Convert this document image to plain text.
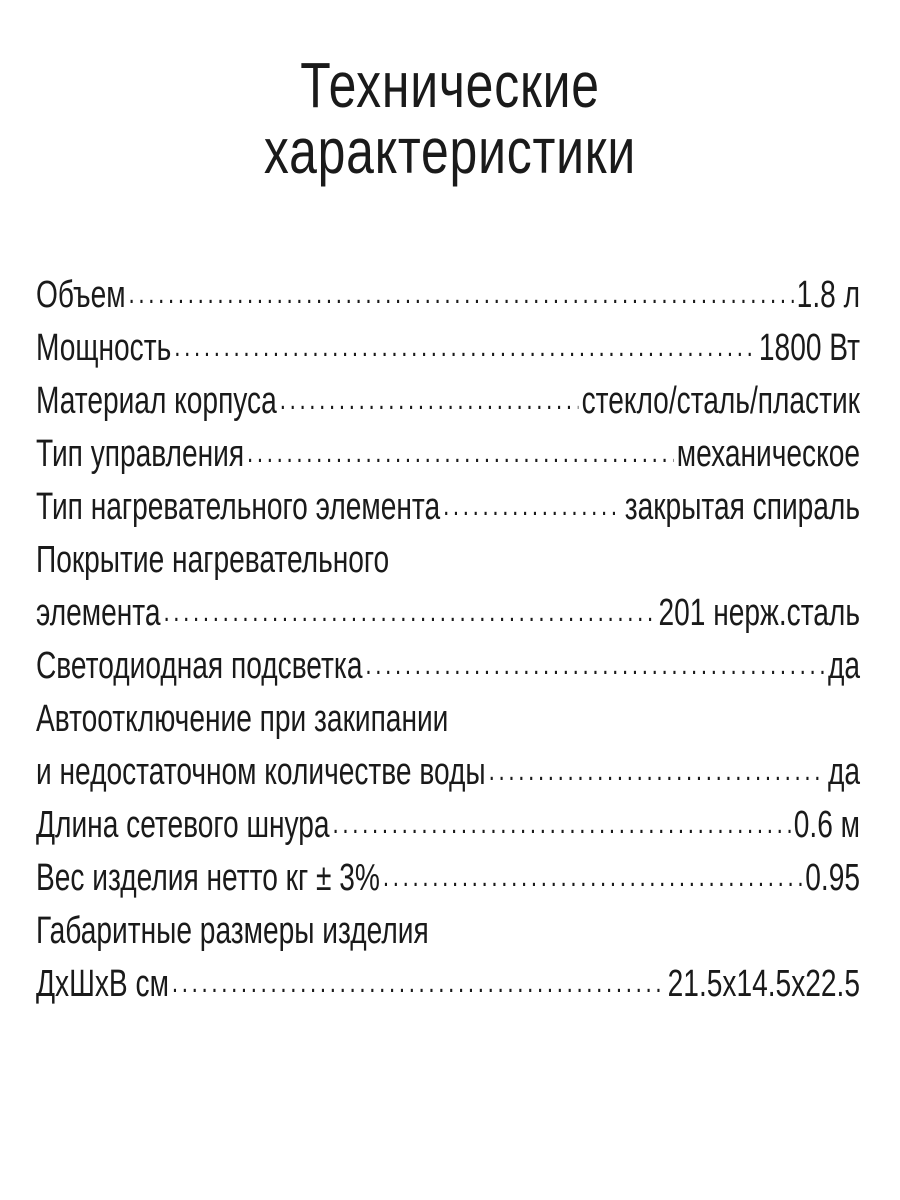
Технические
характеристики
Объем .....	1.8 л
Мощность .....	1800 Вт
Материал корпуса .....	стекло/сталь/пластик
Тип управления .....	механическое
Тип нагревательного элемента .....	закрытая спираль
Покрытие нагревательного
элемента .....	201 нерж.сталь
Светодиодная подсветка .....	да
Автоотключение при закипании
и недостаточном количестве воды .....	да
Длина сетевого шнура .....	0.6 м
Вес изделия нетто кг ± 3% .....	0.95
Габаритные размеры изделия
ДхШхВ см .....	21.5x14.5x22.5
